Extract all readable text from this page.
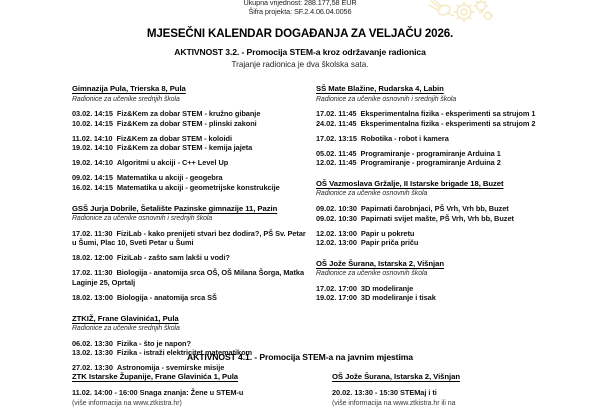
Ukupna vrijednost: 288.177,58 EUR
Šifra projekta: SF.2.4.06.04.0056
MJESEČNI KALENDAR DOGAĐANJA ZA VELJAČU 2026.
AKTIVNOST 3.2. - Promocija STEM-a kroz održavanje radionica
Trajanje radionica je dva školska sata.
Gimnazija Pula, Trierska 8, Pula
Radionice za učenike srednjih škola
03.02. 14:15  Fiz&Kem za dobar STEM - kružno gibanje
10.02. 14:15  Fiz&Kem za dobar STEM - plinski zakoni
11.02. 14:10  Fiz&Kem za dobar STEM - koloidi
19.02. 14:10  Fiz&Kem za dobar STEM - kemija jajeta
19.02. 14:10  Algoritmi u akciji - C++ Level Up
09.02. 14:15  Matematika u akciji - geogebra
16.02. 14:15  Matematika u akciji - geometrijske konstrukcije
GSŠ Jurja Dobrile, Šetalište Pazinske gimnazije 11, Pazin
Radionice za učenike osnovnih i srednjih škola
17.02. 11:30  FiziLab - kako prenijeti stvari bez dodira?, PŠ Sv. Petar u Šumi, Plac 10, Sveti Petar u Šumi
18.02. 12:00  FiziLab - zašto sam lakši u vodi?
17.02. 11:30  Biologija - anatomija srca OŠ, OŠ Milana Šorga, Matka Laginje 25, Oprtalj
18.02. 13:00  Biologija - anatomija srca SŠ
ZTKIŽ, Frane Glavinića1, Pula
Radionice za učenike srednjih škola
06.02. 13:30  Fizika - što je napon?
13.02. 13:30  Fizika - istraži elektricitet matematikom
27.02. 13:30  Astronomija - svemirske misije
SŠ Mate Blažine, Rudarska 4, Labin
Radionice za učenike osnovnih i srednjih škola
17.02. 11:45  Eksperimentalna fizika - eksperimenti sa strujom 1
24.02. 11:45  Eksperimentalna fizika - eksperimenti sa strujom 2
17.02. 13:15  Robotika - robot i kamera
05.02. 11:45  Programiranje - programiranje Arduina 1
12.02. 11:45  Programiranje - programiranje Arduina 2
OŠ Vazmoslava Gržalje, II Istarske brigade 18, Buzet
Radionice za učenike osnovnih škola
09.02. 10:30  Papirnati čarobnjaci, PŠ Vrh, Vrh bb, Buzet
09.02. 10:30  Papirnati svijet mašte, PŠ Vrh, Vrh bb, Buzet
12.02. 13:00  Papir u pokretu
12.02. 13:00  Papir priča priču
OŠ Jože Šurana, Istarska 2, Višnjan
Radionice za učenike osnovnih škola
17.02. 17:00  3D modeliranje
19.02. 17:00  3D modeliranje i tisak
AKTIVNOST 4.1. - Promocija STEM-a na javnim mjestima
ZTK Istarske Županije, Frane Glavinića 1, Pula
11.02. 14:00 - 16:00 Snaga znanja: Žene u STEM-u
(više informacija na www.ztkistra.hr)
OŠ Jože Šurana, Istarska 2, Višnjan
20.02. 13:30 - 15:30 STEMaj i ti
(više informacija na www.ztkistra.hr ili na
